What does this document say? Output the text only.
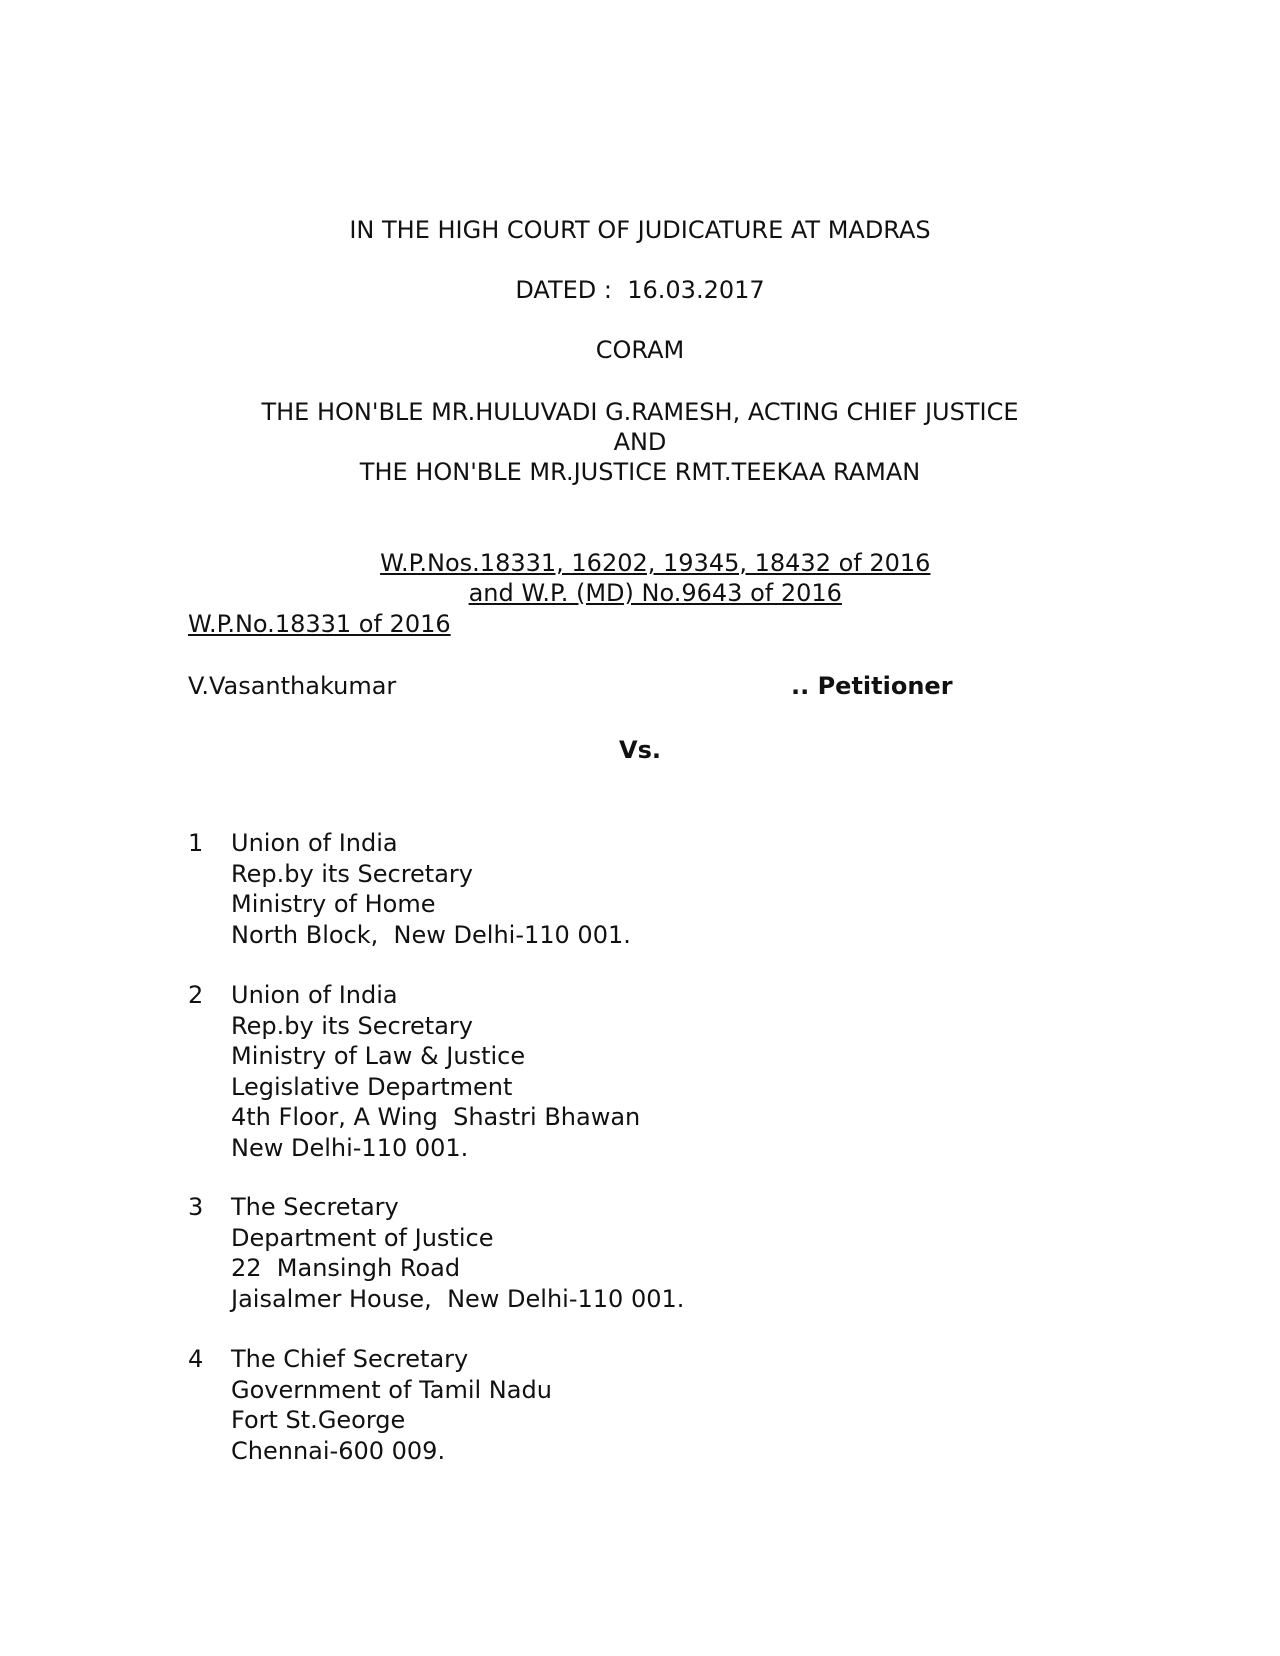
IN THE HIGH COURT OF JUDICATURE AT MADRAS
DATED :  16.03.2017
CORAM
THE HON'BLE MR.HULUVADI G.RAMESH, ACTING CHIEF JUSTICE
AND
THE HON'BLE MR.JUSTICE RMT.TEEKAA RAMAN

W.P.Nos.18331, 16202, 19345, 18432 of 2016

and W.P. (MD) No.9643 of 2016

W.P.No.18331 of 2016
V.Vasanthakumar	.. Petitioner
Vs.
1 Union of India
Rep.by its Secretary
Ministry of Home
North Block,  New Delhi-110 001.
2 Union of India
Rep.by its Secretary
Ministry of Law & Justice
Legislative Department
4th Floor, A Wing  Shastri Bhawan
New Delhi-110 001.
3 The Secretary
Department of Justice
22  Mansingh Road
Jaisalmer House,  New Delhi-110 001.
4 The Chief Secretary
Government of Tamil Nadu
Fort St.George
Chennai-600 009.
